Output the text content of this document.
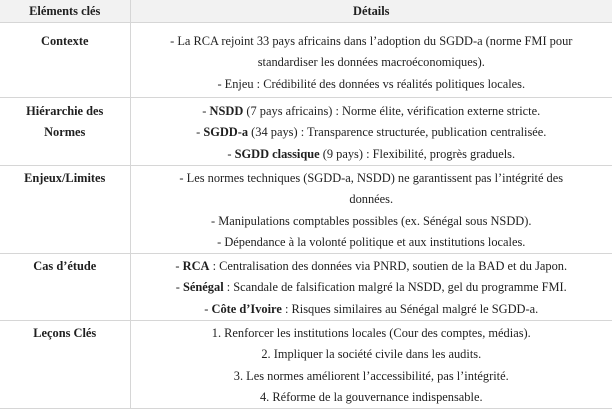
Eléments clés	Détails

Contexte	- La RCA rejoint 33 pays africains dans l’adoption du SGDD-a (norme FMI pour
standardiser les données macroéconomiques).
- Enjeu : Crédibilité des données vs réalités politiques locales.

Hiérarchie des
Normes	- NSDD (7 pays africains) : Norme élite, vérification externe stricte.
- SGDD-a (34 pays) : Transparence structurée, publication centralisée.
- SGDD classique (9 pays) : Flexibilité, progrès graduels.

Enjeux/Limites	- Les normes techniques (SGDD-a, NSDD) ne garantissent pas l’intégrité des
données.
- Manipulations comptables possibles (ex. Sénégal sous NSDD).
- Dépendance à la volonté politique et aux institutions locales.

Cas d’étude	- RCA : Centralisation des données via PNRD, soutien de la BAD et du Japon.
- Sénégal : Scandale de falsification malgré la NSDD, gel du programme FMI.
- Côte d’Ivoire : Risques similaires au Sénégal malgré le SGDD-a.

Leçons Clés	1. Renforcer les institutions locales (Cour des comptes, médias).
2. Impliquer la société civile dans les audits.
3. Les normes améliorent l’accessibilité, pas l’intégrité.
4. Réforme de la gouvernance indispensable.
